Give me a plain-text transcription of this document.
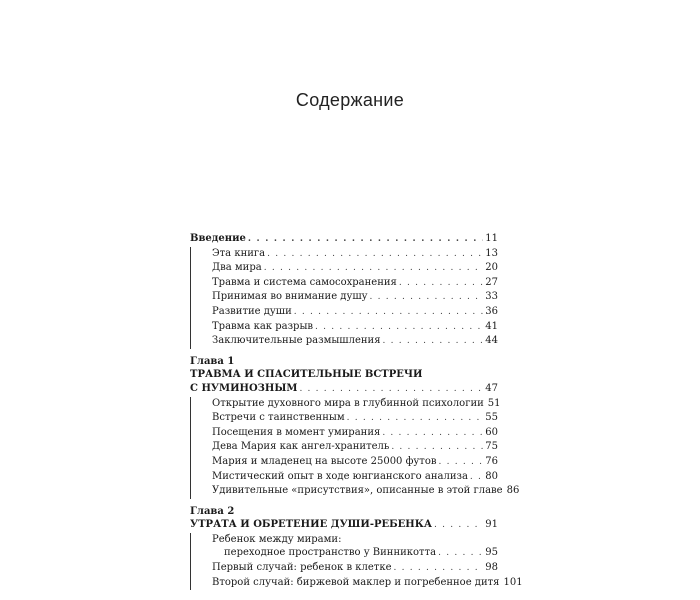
Содержание
Введение . . .	11
Эта книга . . .	13
Два мира . . .	20
Травма и система самосохранения . . .	27
Принимая во внимание душу . . .	33
Развитие души . . .	36
Травма как разрыв . . .	41
Заключительные размышления . . .	44
Глава 1
ТРАВМА И СПАСИТЕЛЬНЫЕ ВСТРЕЧИ
С НУМИНОЗНЫМ . . .	47
Открытие духовного мира в глубинной психологии 51
Встречи с таинственным . . .	55
Посещения в момент умирания . . .	60
Дева Мария как ангел-хранитель . . .	75
Мария и младенец на высоте 25000 футов . . .	76
Мистический опыт в ходе юнгианского анализа . . . 80
Удивительные «присутствия», описанные в этой главе 86
Глава 2
УТРАТА И ОБРЕТЕНИЕ ДУШИ-РЕБЕНКА . . .	91
Ребенок между мирами:
переходное пространство у Винникотта . . .	95
Первый случай: ребенок в клетке . . .	98
Второй случай: биржевой маклер и погребенное дитя 101
